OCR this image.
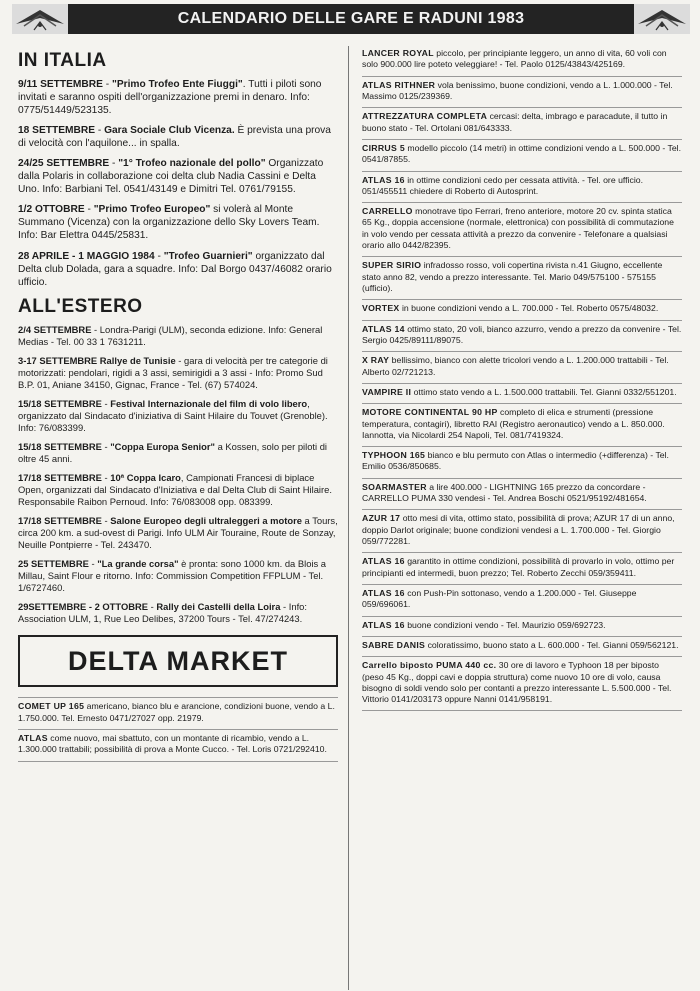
CALENDARIO DELLE GARE E RADUNI 1983
IN ITALIA
9/11 SETTEMBRE - "Primo Trofeo Ente Fiuggi". Tutti i piloti sono invitati e saranno ospiti dell'organizzazione premi in denaro. Info: 0775/51449/523135.
18 SETTEMBRE - Gara Sociale Club Vicenza. È prevista una prova di velocità con l'aquilone... in spalla.
24/25 SETTEMBRE - "1° Trofeo nazionale del pollo" Organizzato dalla Polaris in collaborazione coi delta club Nadia Cassini e Delta Uno. Info: Barbiani Tel. 0541/43149 e Dimitri Tel. 0761/79155.
1/2 OTTOBRE - "Primo Trofeo Europeo" si volerà al Monte Summano (Vicenza) con la organizzazione dello Sky Lovers Team. Info: Bar Elettra 0445/25831.
28 APRILE - 1 MAGGIO 1984 - "Trofeo Guarnieri" organizzato dal Delta club Dolada, gara a squadre. Info: Dal Borgo 0437/46082 orario ufficio.
ALL'ESTERO
2/4 SETTEMBRE - Londra-Parigi (ULM), seconda edizione. Info: General Medias - Tel. 00 33 1 7631211.
3-17 SETTEMBRE Rallye de Tunisie - gara di velocità per tre categorie di motorizzati: pendolari, rigidi a 3 assi, semirigidi a 3 assi - Info: Promo Sud B.P. 01, Aniane 34150, Gignac, France - Tel. (67) 574024.
15/18 SETTEMBRE - Festival Internazionale del film di volo libero, organizzato dal Sindacato d'iniziativa di Saint Hilaire du Touvet (Grenoble). Info: 76/083399.
15/18 SETTEMBRE - "Coppa Europa Senior" a Kossen, solo per piloti di oltre 45 anni.
17/18 SETTEMBRE - 10ª Coppa Icaro, Campionati Francesi di biplace Open, organizzati dal Sindacato d'Iniziativa e dal Delta Club di Saint Hilaire. Responsabile Raibon Pernoud. Info: 76/083008 opp. 083399.
17/18 SETTEMBRE - Salone Europeo degli ultraleggeri a motore a Tours, circa 200 km. a sud-ovest di Parigi. Info ULM Air Touraine, Route de Sonzay, Neuille Pontpierre - Tel. 243470.
25 SETTEMBRE - "La grande corsa" è pronta: sono 1000 km. da Blois a Millau, Saint Flour e ritorno. Info: Commission Competition FFPLUM - Tel. 1/6727460.
29SETTEMBRE - 2 OTTOBRE - Rally dei Castelli della Loira - Info: Association ULM, 1, Rue Leo Delibes, 37200 Tours - Tel. 47/274243.
DELTA MARKET
COMET UP 165 americano, bianco blu e arancione, condizioni buone, vendo a L. 1.750.000. Tel. Ernesto 0471/27027 opp. 21979.
ATLAS come nuovo, mai sbattuto, con un montante di ricambio, vendo a L. 1.300.000 trattabili; possibilità di prova a Monte Cucco. - Tel. Loris 0721/292410.
LANCER ROYAL piccolo, per principiante leggero, un anno di vita, 60 voli con solo 900.000 lire poteto veleggiare! - Tel. Paolo 0125/43843/425169.
ATLAS RITHNER vola benissimo, buone condizioni, vendo a L. 1.000.000 - Tel. Massimo 0125/239369.
ATTREZZATURA COMPLETA cercasi: delta, imbrago e paracadute, il tutto in buono stato - Tel. Ortolani 081/643333.
CIRRUS 5 modello piccolo (14 metri) in ottime condizioni vendo a L. 500.000 - Tel. 0541/87855.
ATLAS 16 in ottime condizioni cedo per cessata attività. - Tel. ore ufficio. 051/455511 chiedere di Roberto di Autosprint.
CARRELLO monotrave tipo Ferrari, freno anteriore, motore 20 cv. spinta statica 65 Kg., doppia accensione (normale, elettronica) con possibilità di commutazione in volo vendo per cessata attività a prezzo da convenire - Telefonare a qualsiasi orario allo 0442/82395.
SUPER SIRIO infradosso rosso, voli copertina rivista n.41 Giugno, eccellente stato anno 82, vendo a prezzo interessante. Tel. Mario 049/575100 - 575155 (ufficio).
VORTEX in buone condizioni vendo a L. 700.000 - Tel. Roberto 0575/48032.
ATLAS 14 ottimo stato, 20 voli, bianco azzurro, vendo a prezzo da convenire - Tel. Sergio 0425/89111/89075.
X RAY bellissimo, bianco con alette tricolori vendo a L. 1.200.000 trattabili - Tel. Alberto 02/721213.
VAMPIRE II ottimo stato vendo a L. 1.500.000 trattabili. Tel. Gianni 0332/551201.
MOTORE CONTINENTAL 90 HP completo di elica e strumenti (pressione temperatura, contagiri), libretto RAI (Registro aeronautico) vendo a L. 850.000. Iannotta, via Nicolardi 254 Napoli, Tel. 081/7419324.
TYPHOON 165 bianco e blu permuto con Atlas o intermedio (+differenza) - Tel. Emilio 0536/850685.
SOARMASTER a lire 400.000 - LIGHTNING 165 prezzo da concordare - CARRELLO PUMA 330 vendesi - Tel. Andrea Boschi 0521/95192/481654.
AZUR 17 otto mesi di vita, ottimo stato, possibilità di prova; AZUR 17 di un anno, doppio Darlot originale; buone condizioni vendesi a L. 1.700.000 - Tel. Giorgio 059/772281.
ATLAS 16 garantito in ottime condizioni, possibilità di provarlo in volo, ottimo per principianti ed intermedi, buon prezzo; Tel. Roberto Zecchi 059/359411.
ATLAS 16 con Push-Pin sottonaso, vendo a 1.200.000 - Tel. Giuseppe 059/696061.
ATLAS 16 buone condizioni vendo - Tel. Maurizio 059/692723.
SABRE DANIS coloratissimo, buono stato a L. 600.000 - Tel. Gianni 059/562121.
Carrello biposto PUMA 440 cc. 30 ore di lavoro e Typhoon 18 per biposto (peso 45 Kg., doppi cavi e doppia struttura) come nuovo 10 ore di volo, causa bisogno di soldi vendo solo per contanti a prezzo interessante L. 5.500.000 - Tel. Vittorio 0141/203173 oppure Nanni 0141/958191.
